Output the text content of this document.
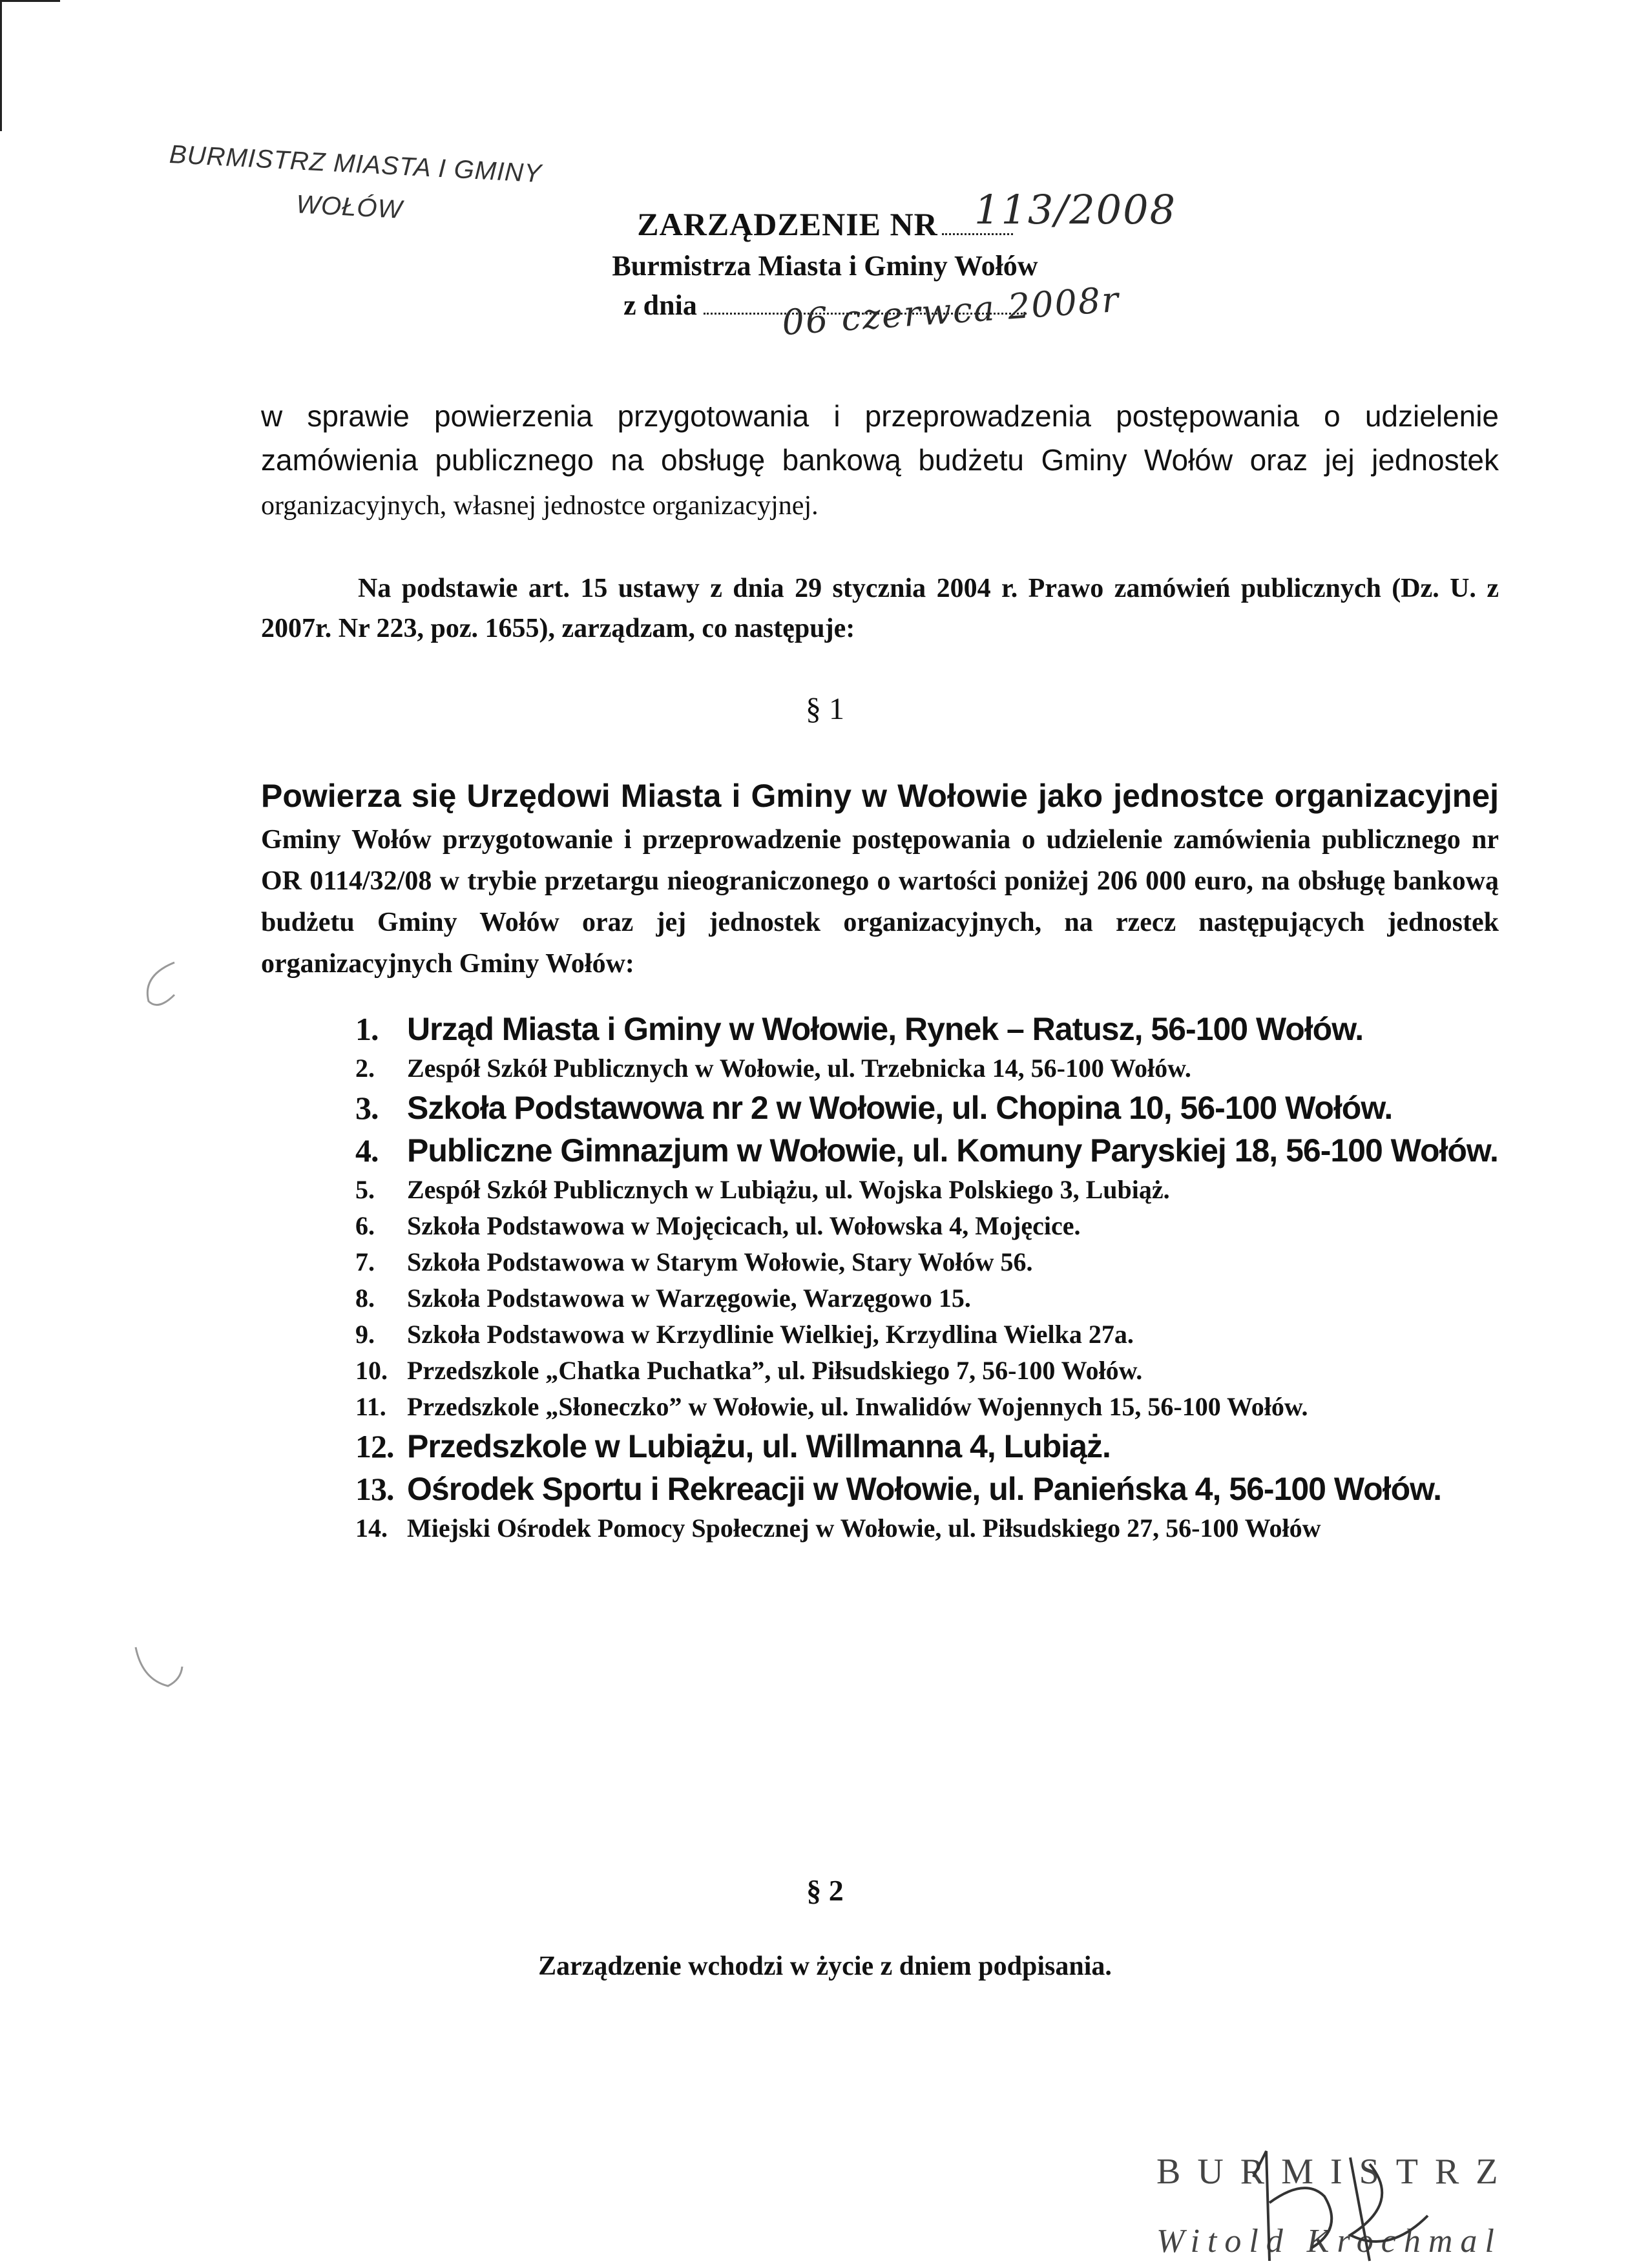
BURMISTRZ MIASTA I GMINY
WOŁÓW	ZARZĄDZENIE NR
Burmistrza Miasta i Gminy Wołów
z dnia
113/2008
06 czerwca 2008r
w sprawie powierzenia przygotowania i przeprowadzenia postępowania o udzielenie zamówienia publicznego na obsługę bankową budżetu Gminy Wołów oraz jej jednostek organizacyjnych, własnej jednostce organizacyjnej.
Na podstawie art. 15 ustawy z dnia 29 stycznia 2004 r. Prawo zamówień publicznych (Dz. U. z 2007r. Nr 223, poz. 1655), zarządzam, co następuje:
§ 1
Powierza się Urzędowi Miasta i Gminy w Wołowie jako jednostce organizacyjnej Gminy Wołów przygotowanie i przeprowadzenie postępowania o udzielenie zamówienia publicznego nr OR 0114/32/08 w trybie przetargu nieograniczonego o wartości poniżej 206 000 euro, na obsługę bankową budżetu Gminy Wołów oraz jej jednostek organizacyjnych, na rzecz następujących jednostek organizacyjnych Gminy Wołów:
1. Urząd Miasta i Gminy w Wołowie, Rynek – Ratusz, 56-100 Wołów.
2.	Zespół Szkół Publicznych w Wołowie, ul. Trzebnicka 14, 56-100 Wołów.
3. Szkoła Podstawowa nr 2 w Wołowie, ul. Chopina 10, 56-100 Wołów.
4. Publiczne Gimnazjum w Wołowie, ul. Komuny Paryskiej 18, 56-100 Wołów.
5.	Zespół Szkół Publicznych w Lubiążu, ul. Wojska Polskiego 3, Lubiąż.
6.	Szkoła Podstawowa w Mojęcicach, ul. Wołowska 4, Mojęcice.
7.	Szkoła Podstawowa w Starym Wołowie, Stary Wołów 56.
8.	Szkoła Podstawowa w Warzęgowie, Warzęgowo 15.
9.	Szkoła Podstawowa w Krzydlinie Wielkiej, Krzydlina Wielka 27a.
10. Przedszkole „Chatka Puchatka”, ul. Piłsudskiego 7, 56-100 Wołów.
11. Przedszkole „Słoneczko” w Wołowie, ul. Inwalidów Wojennych 15, 56-100 Wołów.
12. Przedszkole w Lubiążu, ul. Willmanna 4, Lubiąż.
13. Ośrodek Sportu i Rekreacji w Wołowie, ul. Panieńska 4, 56-100 Wołów.
14. Miejski Ośrodek Pomocy Społecznej w Wołowie, ul. Piłsudskiego 27, 56-100 Wołów
§ 2
Zarządzenie wchodzi w życie z dniem podpisania.
BURMISTRZ
Witold Krochmal
